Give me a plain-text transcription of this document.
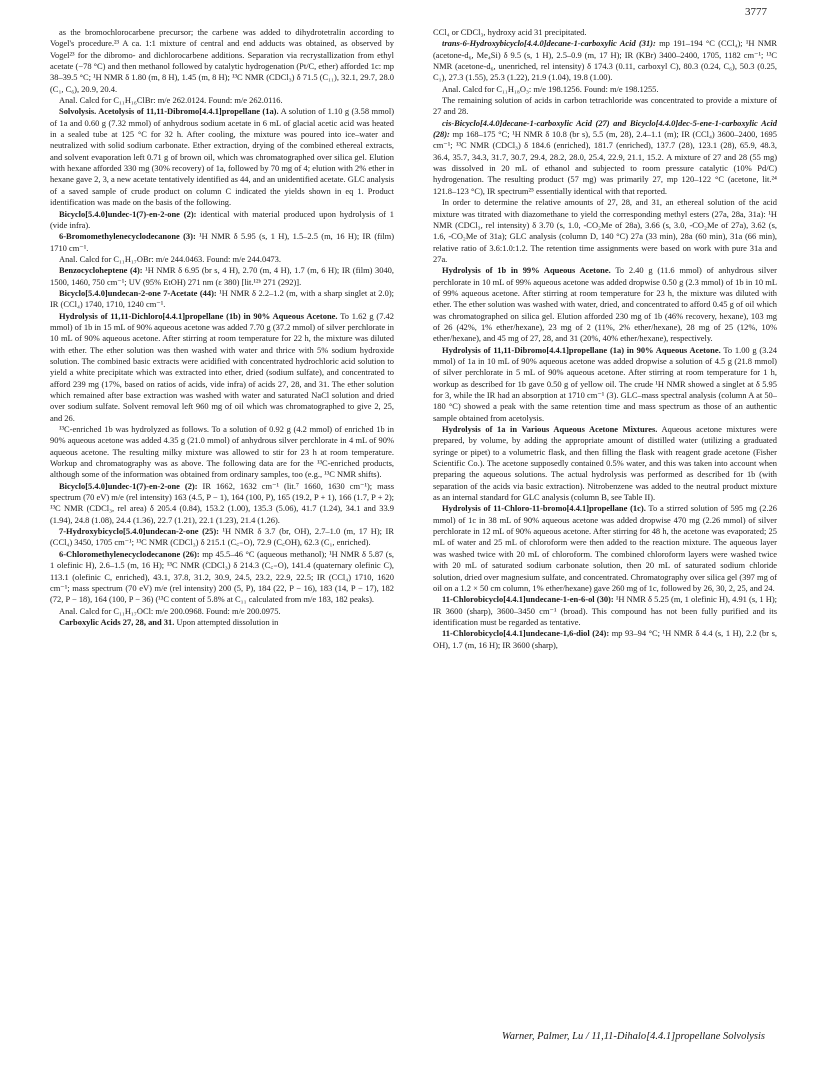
3777

as the bromochlorocarbene precursor; the carbene was added to dihydrotetralin according to Vogel's procedure.²³ A ca. 1:1 mixture of central and end adducts was obtained, as observed by Vogel²³ for the dibromo- and dichlorocarbene additions. Separation via recrystallization from ethyl acetate (−78 °C) and then methanol followed by catalytic hydrogenation (Pt/C, ether) afforded 1c: mp 38–39.5 °C; ¹H NMR δ 1.80 (m, 8 H), 1.45 (m, 8 H); ¹³C NMR (CDCl₃) δ 71.5 (C₁₁), 32.1, 29.7, 28.0 (C₁, C₆), 20.9, 20.4.

Anal. Calcd for C₁₁H₁₆ClBr: m/e 262.0124. Found: m/e 262.0116.

Solvolysis. Acetolysis of 11,11-Dibromo[4.4.1]propellane (1a). A solution of 1.10 g (3.58 mmol) of 1a and 0.60 g (7.32 mmol) of anhydrous sodium acetate in 6 mL of glacial acetic acid was heated in a sealed tube at 125 °C for 32 h. After cooling, the mixture was poured into ice–water and neutralized with solid sodium carbonate. Ether extraction, drying of the combined ethereal extracts, and solvent evaporation left 0.71 g of brown oil, which was chromatographed over silica gel. Elution with hexane afforded 330 mg (30% recovery) of 1a, followed by 70 mg of 4; elution with 2% ether in hexane gave 2, 3, a new acetate tentatively identified as 44, and an unidentified acetate. GLC analysis of a saved sample of crude product on column C indicated the yields shown in eq 1. Product identification was made on the basis of the following.

Bicyclo[5.4.0]undec-1(7)-en-2-one (2): identical with material produced upon hydrolysis of 1 (vide infra).

6-Bromomethylenecyclodecanone (3): ¹H NMR δ 5.95 (s, 1 H), 1.5–2.5 (m, 16 H); IR (film) 1710 cm⁻¹.

Anal. Calcd for C₁₁H₁₇OBr: m/e 244.0463. Found: m/e 244.0473.

Benzocycloheptene (4): ¹H NMR δ 6.95 (br s, 4 H), 2.70 (m, 4 H), 1.7 (m, 6 H); IR (film) 3040, 1500, 1460, 750 cm⁻¹; UV (95% EtOH) 271 nm (ε 380) [lit.¹²ᵇ 271 (292)].

Bicyclo[5.4.0]undecan-2-one 7-Acetate (44): ¹H NMR δ 2.2–1.2 (m, with a sharp singlet at 2.0); IR (CCl₄) 1740, 1710, 1240 cm⁻¹.

Hydrolysis of 11,11-Dichloro[4.4.1]propellane (1b) in 90% Aqueous Acetone. To 1.62 g (7.42 mmol) of 1b in 15 mL of 90% aqueous acetone was added 7.70 g (37.2 mmol) of silver perchlorate in 10 mL of 90% aqueous acetone. After stirring at room temperature for 22 h, the mixture was diluted with ether. The ether solution was then washed with water and thrice with 5% sodium hydroxide solution. The combined basic extracts were acidified with concentrated hydrochloric acid solution to yield a white precipitate which was extracted into ether, dried (sodium sulfate), and concentrated to afford 239 mg (17%, based on ratios of acids, vide infra) of acids 27, 28, and 31. The ether solution which remained after base extraction was washed with water and saturated NaCl solution and dried over sodium sulfate. Solvent removal left 960 mg of oil which was chromatographed to give 2, 25, and 26.

¹³C-enriched 1b was hydrolyzed as follows. To a solution of 0.92 g (4.2 mmol) of enriched 1b in 90% aqueous acetone was added 4.35 g (21.0 mmol) of anhydrous silver perchlorate in 4 mL of 90% aqueous acetone. The resulting milky mixture was allowed to stir for 23 h at room temperature. Workup and chromatography was as above. The following data are for the ¹³C-enriched products, although some of the information was obtained from ordinary samples, too (e.g., ¹³C NMR shifts).

Bicyclo[5.4.0]undec-1(7)-en-2-one (2): IR 1662, 1632 cm⁻¹ (lit.⁷ 1660, 1630 cm⁻¹); mass spectrum (70 eV) m/e (rel intensity) 163 (4.5, P − 1), 164 (100, P), 165 (19.2, P + 1), 166 (1.7, P + 2); ¹³C NMR (CDCl₃, rel area) δ 205.4 (0.84), 153.2 (1.00), 135.3 (5.06), 41.7 (1.24), 34.1 and 33.9 (1.94), 24.8 (1.08), 24.4 (1.36), 22.7 (1.21), 22.1 (1.23), 21.4 (1.26).

7-Hydroxybicyclo[5.4.0]undecan-2-one (25): ¹H NMR δ 3.7 (br, OH), 2.7–1.0 (m, 17 H); IR (CCl₄) 3450, 1705 cm⁻¹; ¹³C NMR (CDCl₃) δ 215.1 (C꜀₌O), 72.9 (C꜀OH), 62.3 (C₁, enriched).

6-Chloromethylenecyclodecanone (26): mp 45.5–46 °C (aqueous methanol); ¹H NMR δ 5.87 (s, 1 olefinic H), 2.6–1.5 (m, 16 H); ¹³C NMR (CDCl₃) δ 214.3 (C꜀₌O), 141.4 (quaternary olefinic C), 113.1 (olefinic C, enriched), 43.1, 37.8, 31.2, 30.9, 24.5, 23.2, 22.9, 22.5; IR (CCl₄) 1710, 1620 cm⁻¹; mass spectrum (70 eV) m/e (rel intensity) 200 (5, P), 184 (22, P − 16), 183 (14, P − 17), 182 (72, P − 18), 164 (100, P − 36) (¹³C content of 5.8% at C₁₁ calculated from m/e 183, 182 peaks).

Anal. Calcd for C₁₁H₁₇OCl: m/e 200.0968. Found: m/e 200.0975.

Carboxylic Acids 27, 28, and 31. Upon attempted dissolution in

CCl₄ or CDCl₃, hydroxy acid 31 precipitated.

trans-6-Hydroxybicyclo[4.4.0]decane-1-carboxylic Acid (31): mp 191–194 °C (CCl₄); ¹H NMR (acetone-d₆, Me₄Si) δ 9.5 (s, 1 H), 2.5–0.9 (m, 17 H); IR (KBr) 3400–2400, 1705, 1182 cm⁻¹; ¹³C NMR (acetone-d₆, unenriched, rel intensity) δ 174.3 (0.11, carboxyl C), 80.3 (0.24, C₆), 50.3 (0.25, C₁), 27.3 (1.55), 25.3 (1.22), 21.9 (1.04), 19.8 (1.00).

Anal. Calcd for C₁₁H₁₈O₃: m/e 198.1256. Found: m/e 198.1255.

The remaining solution of acids in carbon tetrachloride was concentrated to provide a mixture of 27 and 28.

cis-Bicyclo[4.4.0]decane-1-carboxylic Acid (27) and Bicyclo[4.4.0]dec-5-ene-1-carboxylic Acid (28): mp 168–175 °C; ¹H NMR δ 10.8 (br s), 5.5 (m, 28), 2.4–1.1 (m); IR (CCl₄) 3600–2400, 1695 cm⁻¹; ¹³C NMR (CDCl₃) δ 184.6 (enriched), 181.7 (enriched), 137.7 (28), 123.1 (28), 65.9, 48.3, 36.4, 35.7, 34.3, 31.7, 30.7, 29.4, 28.2, 28.0, 25.4, 22.9, 21.1, 15.2. A mixture of 27 and 28 (55 mg) was dissolved in 20 mL of ethanol and subjected to room pressure catalytic (10% Pd/C) hydrogenation. The resulting product (57 mg) was primarily 27, mp 120–122 °C (acetone, lit.²⁴ 121.8–123 °C), IR spectrum²⁵ essentially identical with that reported.

In order to determine the relative amounts of 27, 28, and 31, an ethereal solution of the acid mixture was titrated with diazomethane to yield the corresponding methyl esters (27a, 28a, 31a): ¹H NMR (CDCl₃, rel intensity) δ 3.70 (s, 1.0, -CO₂Me of 28a), 3.66 (s, 3.0, -CO₂Me of 27a), 3.62 (s, 1.6, -CO₂Me of 31a); GLC analysis (column D, 140 °C) 27a (33 min), 28a (60 min), 31a (66 min), relative ratio of 3.6:1.0:1.2. The retention time assignments were based on work with pure 31a and 27a.

Hydrolysis of 1b in 99% Aqueous Acetone. To 2.40 g (11.6 mmol) of anhydrous silver perchlorate in 10 mL of 99% aqueous acetone was added dropwise 0.50 g (2.3 mmol) of 1b in 10 mL of 99% aqueous acetone. After stirring at room temperature for 23 h, the mixture was diluted with ether. The ether solution was washed with water, dried, and concentrated to afford 0.45 g of oil which was chromatographed on silica gel. Elution afforded 230 mg of 1b (46% recovery, hexane), 103 mg of 26 (42%, 1% ether/hexane), 23 mg of 2 (11%, 2% ether/hexane), 28 mg of 25 (12%, 10% ether/hexane), and 45 mg of 27, 28, and 31 (20%, 40% ether/hexane), respectively.

Hydrolysis of 11,11-Dibromo[4.4.1]propellane (1a) in 90% Aqueous Acetone. To 1.00 g (3.24 mmol) of 1a in 10 mL of 90% aqueous acetone was added dropwise a solution of 4.5 g (21.8 mmol) of silver perchlorate in 5 mL of 90% aqueous acetone. After stirring at room temperature for 1 h, workup as described for 1b gave 0.50 g of yellow oil. The crude ¹H NMR showed a singlet at δ 5.95 for 3, while the IR had an absorption at 1710 cm⁻¹ (3). GLC–mass spectral analysis (column A at 50–180 °C) showed a peak with the same retention time and mass spectrum as those of an authentic sample obtained from acetolysis.

Hydrolysis of 1a in Various Aqueous Acetone Mixtures. Aqueous acetone mixtures were prepared, by volume, by adding the appropriate amount of distilled water (utilizing a graduated syringe or pipet) to a volumetric flask, and then filling the flask with reagent grade acetone (Fisher Scientific Co.). The acetone supposedly contained 0.5% water, and this was taken into account when preparing the aqueous solutions. The actual hydrolysis was performed as described for 1b (with separation of the acids via basic extraction). Nitrobenzene was added to the neutral product mixture as an internal standard for GLC analysis (column B, see Table II).

Hydrolysis of 11-Chloro-11-bromo[4.4.1]propellane (1c). To a stirred solution of 595 mg (2.26 mmol) of 1c in 38 mL of 90% aqueous acetone was added dropwise 470 mg (2.26 mmol) of silver perchlorate in 12 mL of 90% aqueous acetone. After stirring for 48 h, the acetone was evaporated; 25 mL of water and 25 mL of chloroform were then added to the reaction mixture. The aqueous layer was washed twice with 20 mL of chloroform. The combined chloroform layers were washed twice with 20 mL of saturated sodium carbonate solution, then 20 mL of saturated sodium chloride solution, dried over magnesium sulfate, and concentrated. Chromatography over silica gel (397 mg of oil on a 1.2 × 50 cm column, 1% ether/hexane) gave 260 mg of 1c, followed by 26, 30, 2, 25, and 24.

11-Chlorobicyclo[4.4.1]undecane-1-en-6-ol (30): ¹H NMR δ 5.25 (m, 1 olefinic H), 4.91 (s, 1 H); IR 3600 (sharp), 3600–3450 cm⁻¹ (broad). This compound has not been fully purified and its identification must be regarded as tentative.

11-Chlorobicyclo[4.4.1]undecane-1,6-diol (24): mp 93–94 °C; ¹H NMR δ 4.4 (s, 1 H), 2.2 (br s, OH), 1.7 (m, 16 H); IR 3600 (sharp),

Warner, Palmer, Lu / 11,11-Dihalo[4.4.1]propellane Solvolysis
